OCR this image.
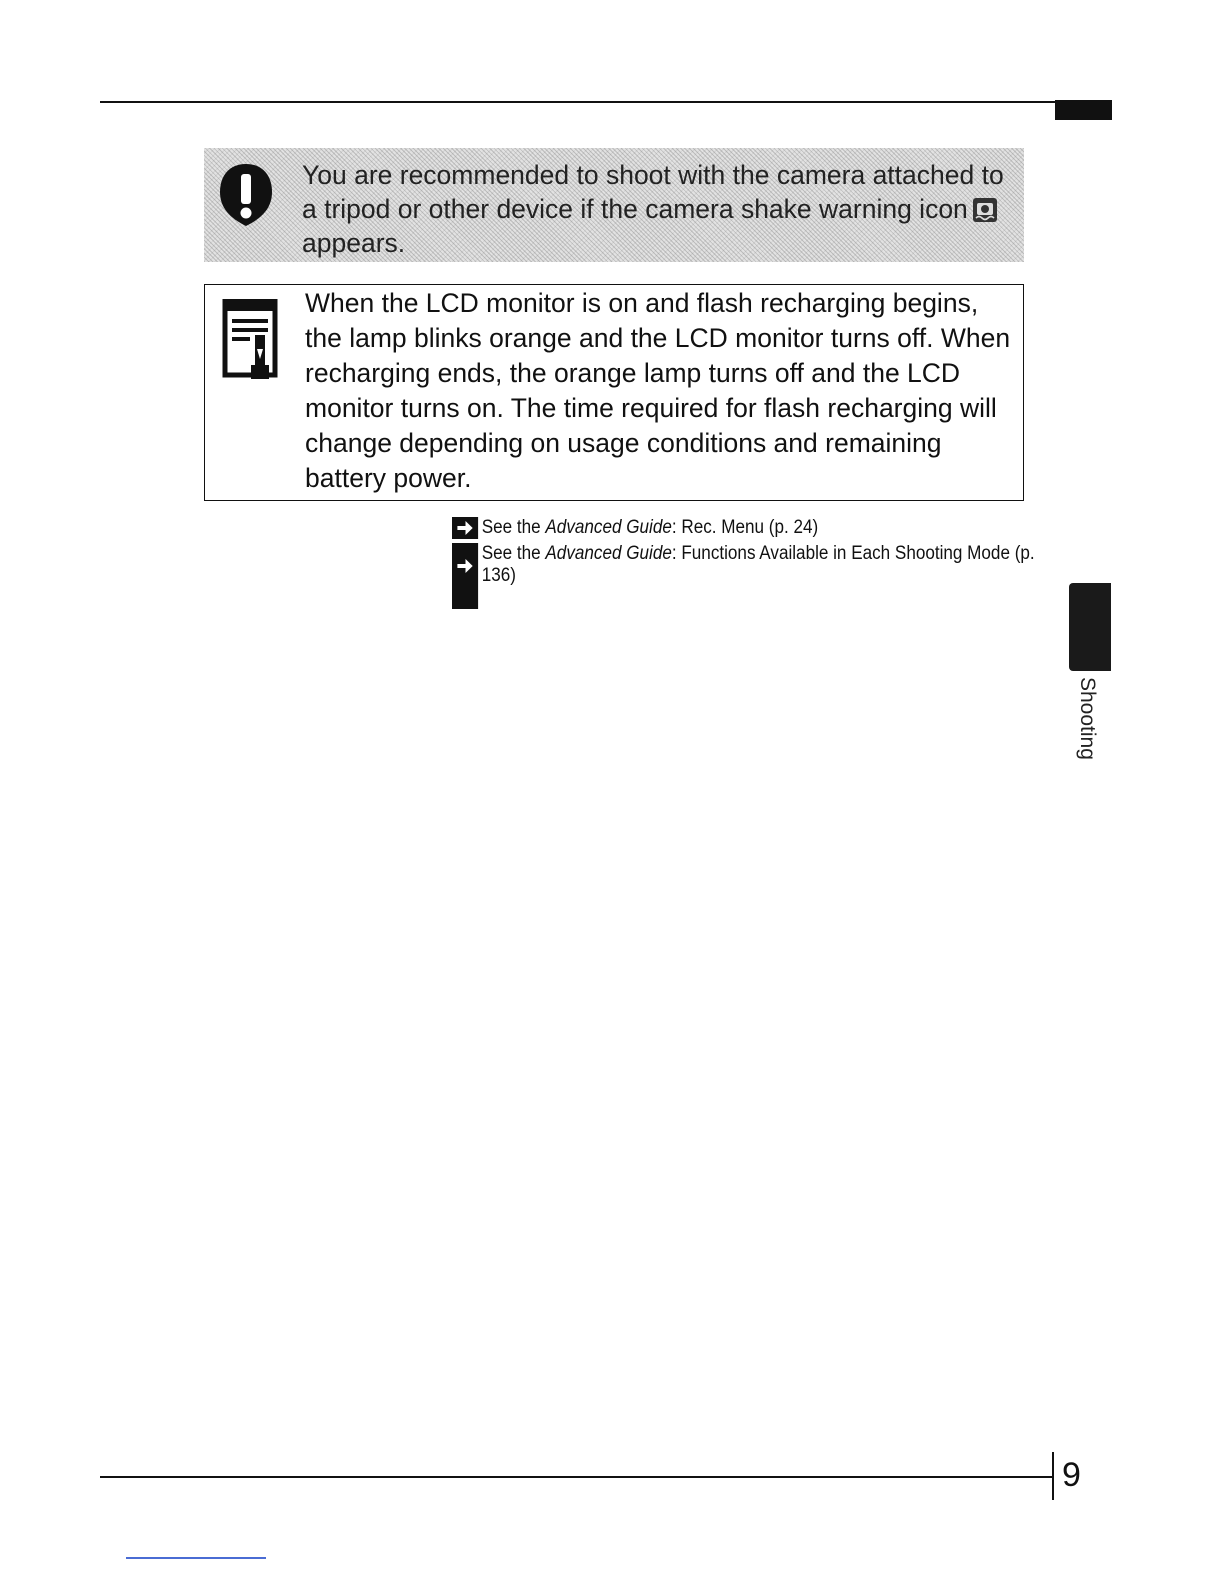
You are recommended to shoot with the camera attached to a tripod or other device if the camera shake warning iconappears.
When the LCD monitor is on and flash recharging begins, the lamp blinks orange and the LCD monitor turns off. When recharging ends, the orange lamp turns off and the LCD monitor turns on. The time required for flash recharging will change depending on usage conditions and remaining battery power.
See the Advanced Guide: Rec. Menu (p. 24)
See the Advanced Guide: Functions Available in Each Shooting Mode (p. 136)
Shooting
9
